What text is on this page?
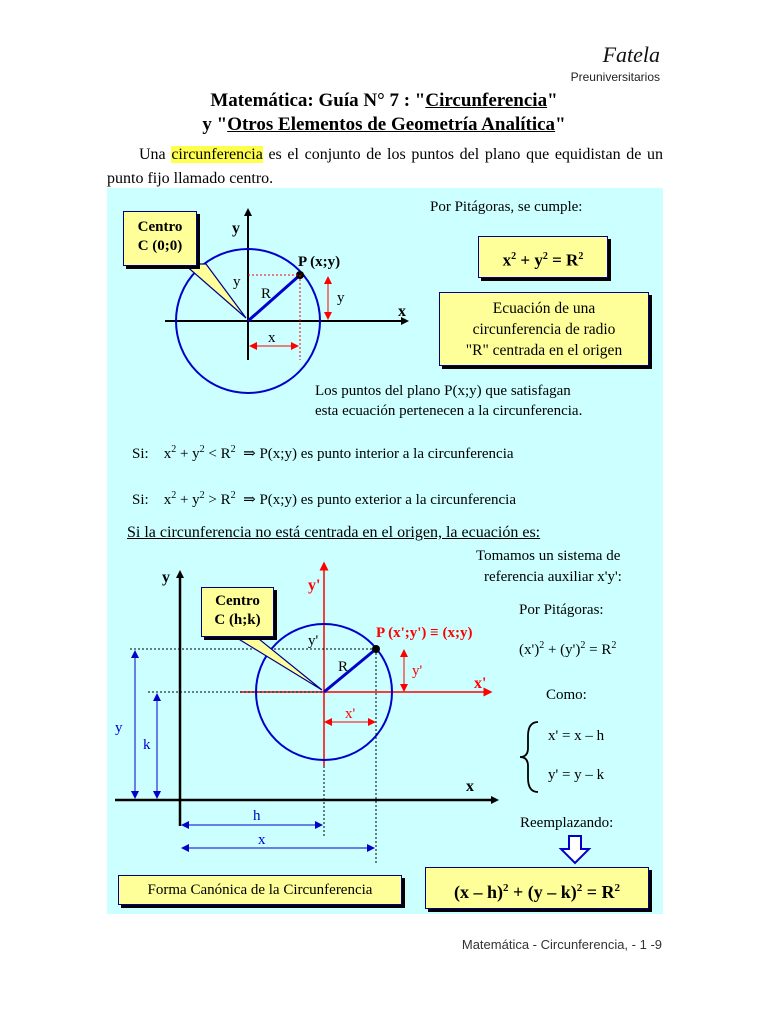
Fatela
Preuniversitarios
Matemática: Guía N° 7 : "Circunferencia"
y "Otros Elementos de Geometría Analítica"
  Una circunferencia es el conjunto de los puntos del plano que equidistan de un punto fijo llamado centro.
y
x
P (x;y)
R
y
y
x
y
x
y'
x'
P (x';y') ≡ (x;y)
R
y'
y'
x'
y
k
h
x
Centro
C (0;0)
Por Pitágoras, se cumple:
$x^2 + y^2 = R^2$
Ecuación de una
circunferencia de radio
"R" centrada en el origen
Los puntos del plano P(x;y) que satisfagan
esta ecuación pertenecen a la circunferencia.
Si:    $x^2 + y^2 < R^2$  ⇒ P(x;y) es punto interior a la circunferencia
Si:    $x^2 + y^2 > R^2$  ⇒ P(x;y) es punto exterior a la circunferencia
Si la circunferencia no está centrada en el origen, la ecuación es:
Tomamos un sistema de
referencia auxiliar x'y':
Centro
C (h;k)
Por Pitágoras:
$(x')^2 + (y')^2 = R^2$
Como:
x' = x – h
y' = y – k
Reemplazando:
Forma Canónica de la Circunferencia	$(x - h)^2 + (y - k)^2 = R^2$
Matemática - Circunferencia, - 1 -9
